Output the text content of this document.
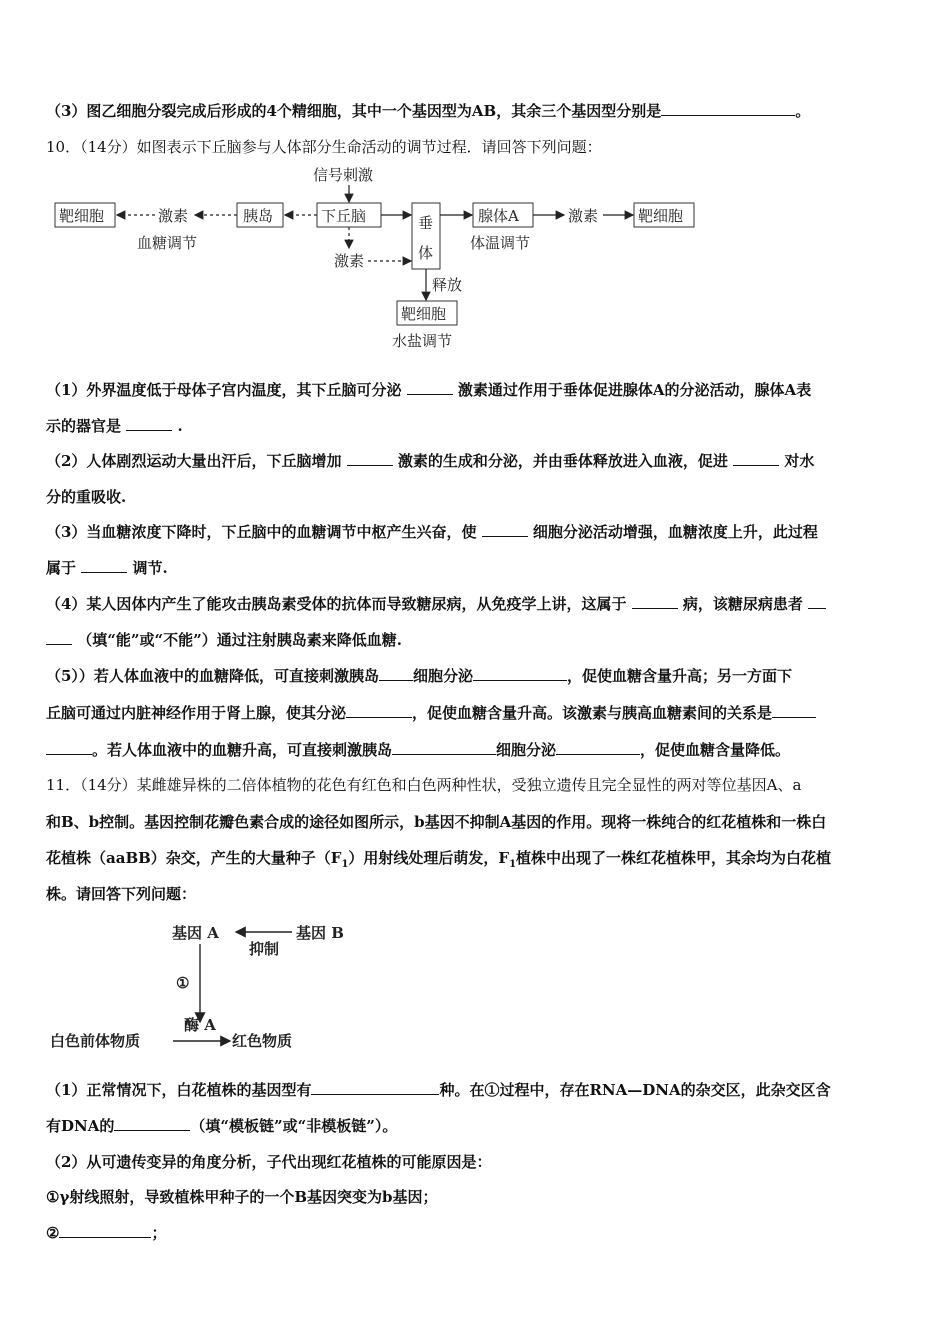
（3）图乙细胞分裂完成后形成的4个精细胞，其中一个基因型为AB，其余三个基因型分别是	。
10．（14分）如图表示下丘脑参与人体部分生命活动的调节过程．请回答下列问题：
靶细胞	胰岛	下丘脑	垂
体
腺体A	靶细胞
靶细胞
信号刺激
激素	激素
激素
释放
血糖调节	体温调节
水盐调节
（1）外界温度低于母体子宫内温度，其下丘脑可分泌	激素通过作用于垂体促进腺体A的分泌活动，腺体A表
示的器官是	.
（2）人体剧烈运动大量出汗后，下丘脑增加	激素的生成和分泌，并由垂体释放进入血液，促进	对水
分的重吸收.
（3）当血糖浓度下降时，下丘脑中的血糖调节中枢产生兴奋，使	细胞分泌活动增强，血糖浓度上升，此过程
属于	调节.
（4）某人因体内产生了能攻击胰岛素受体的抗体而导致糖尿病，从免疫学上讲，这属于	病，该糖尿病患者
（填“能”或“不能”）通过注射胰岛素来降低血糖.
（5））若人体血液中的血糖降低，可直接刺激胰岛 细胞分泌	，促使血糖含量升高；另一方面下
丘脑可通过内脏神经作用于肾上腺，使其分泌	，促使血糖含量升高。该激素与胰高血糖素间的关系是
。若人体血液中的血糖升高，可直接刺激胰岛	细胞分泌	，促使血糖含量降低。
11．（14分）某雌雄异株的二倍体植物的花色有红色和白色两种性状，受独立遗传且完全显性的两对等位基因A、a
和B、b控制。基因控制花瓣色素合成的途径如图所示，b基因不抑制A基因的作用。现将一株纯合的红花植株和一株白
花植株（aaBB）杂交，产生的大量种子$(F_1)$用射线处理后萌发，$F_1$植株中出现了一株红花植株甲，其余均为白花植
株。请回答下列问题：
基因 A	基因 B
抑制
①
酶 A
白色前体物质	红色物质
（1）正常情况下，白花植株的基因型有	种。在①过程中，存在RNA—DNA的杂交区，此杂交区含
有DNA的	（填“模板链”或“非模板链”）。
（2）从可遗传变异的角度分析，子代出现红花植株的可能原因是：
①γ射线照射，导致植株甲种子的一个B基因突变为b基因；
②	；
